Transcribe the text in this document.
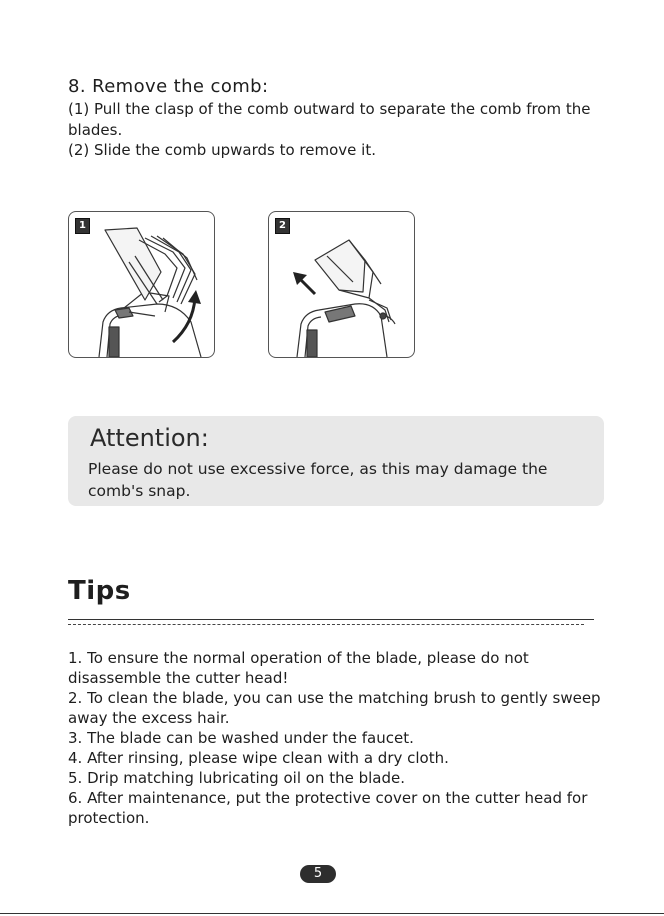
8. Remove the comb:
(1) Pull the clasp of the comb outward to separate the comb from the blades.
(2) Slide the comb upwards to remove it.
1	2
Attention:
Please do not use excessive force, as this may damage the comb's snap.
Tips
1. To ensure the normal operation of the blade, please do not disassemble the cutter head!
2. To clean the blade, you can use the matching brush to gently sweep away the excess hair.
3. The blade can be washed under the faucet.
4. After rinsing, please wipe clean with a dry cloth.
5. Drip matching lubricating oil on the blade.
6. After maintenance, put the protective cover on the cutter head for protection.
5
